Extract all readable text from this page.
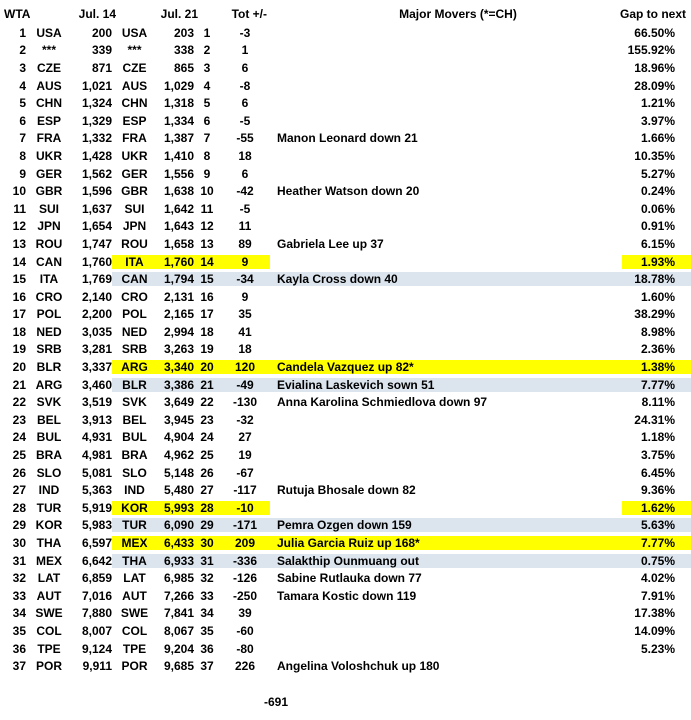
WTA	Jul. 14	Jul. 21	Tot +/-	Major Movers (*=CH)	Gap to next
1 USA	200 USA	203 1	-3	66.50%
2	***	339	***	338 2	1	155.92%
3 CZE	871 CZE	865 3	6	18.96%
4 AUS	1,021 AUS	1,029 4	-8	28.09%
5 CHN	1,324 CHN	1,318 5	6	1.21%
6 ESP	1,329 ESP	1,334 6	-5	3.97%
7 FRA	1,332 FRA	1,387 7	-55	Manon Leonard down 21	1.66%
8 UKR	1,428 UKR	1,410 8	18	10.35%
9 GER	1,562 GER	1,556 9	6	5.27%
10 GBR	1,596 GBR	1,638 10	-42	Heather Watson down 20	0.24%
11	SUI	1,637	SUI	1,642 11	-5	0.06%
12 JPN	1,654 JPN	1,643 12	11	0.91%
13 ROU	1,747 ROU	1,658 13	89	Gabriela Lee up 37	6.15%
14 CAN	1,760	ITA	1,760 14	9	1.93%
15	ITA	1,769 CAN	1,794 15	-34	Kayla Cross down 40	18.78%
16 CRO	2,140 CRO	2,131 16	9	1.60%
17 POL	2,200 POL	2,165 17	35	38.29%
18 NED	3,035 NED	2,994 18	41	8.98%
19 SRB	3,281 SRB	3,263 19	18	2.36%
20 BLR	3,337 ARG	3,340 20	120	Candela Vazquez up 82*	1.38%
21 ARG	3,460 BLR	3,386 21	-49	Evialina Laskevich sown 51	7.77%
22 SVK	3,519 SVK	3,649 22	-130	Anna Karolina Schmiedlova down 97	8.11%
23 BEL	3,913 BEL	3,945 23	-32	24.31%
24 BUL	4,931 BUL	4,904 24	27	1.18%
25 BRA	4,981 BRA	4,962 25	19	3.75%
26 SLO	5,081 SLO	5,148 26	-67	6.45%
27	IND	5,363	IND	5,480 27	-117	Rutuja Bhosale down 82	9.36%
28 TUR	5,919 KOR	5,993 28	-10	1.62%
29 KOR	5,983 TUR	6,090 29	-171	Pemra Ozgen down 159	5.63%
30 THA	6,597 MEX	6,433 30	209	Julia Garcia Ruiz up 168*	7.77%
31 MEX	6,642 THA	6,933 31	-336	Salakthip Ounmuang out	0.75%
32 LAT	6,859 LAT	6,985 32	-126	Sabine Rutlauka down 77	4.02%
33 AUT	7,016 AUT	7,266 33	-250	Tamara Kostic down 119	7.91%
34 SWE	7,880 SWE	7,841 34	39	17.38%
35 COL	8,007 COL	8,067 35	-60	14.09%
36 TPE	9,124 TPE	9,204 36	-80	5.23%
37 POR	9,911 POR	9,685 37	226	Angelina Voloshchuk up 180
-691
